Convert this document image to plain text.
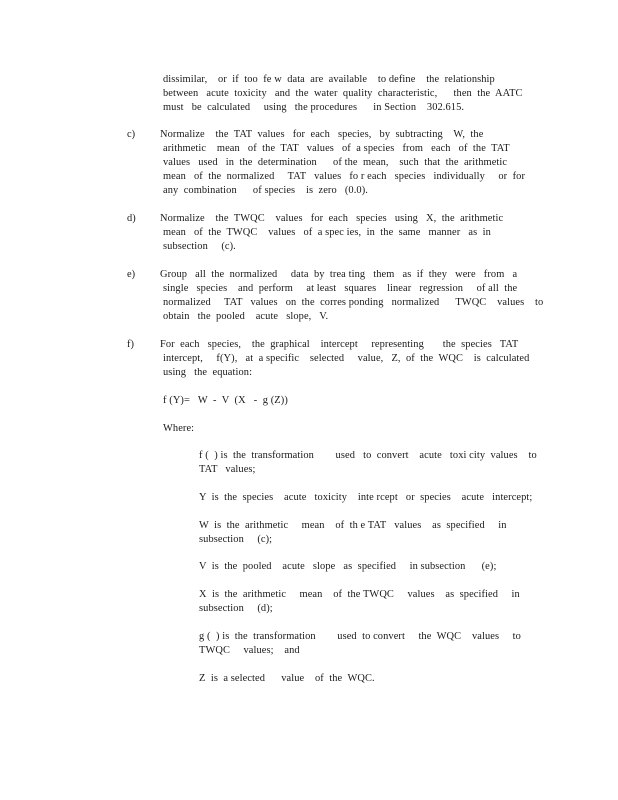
dissimilar,    or  if  too  fe w  data  are  available    to define    the  relationship
between   acute  toxicity   and  the  water  quality  characteristic,      then  the  AATC
must   be  calculated     using   the procedures      in Section    302.615.
c) Normalize    the  TAT  values   for  each   species,   by  subtracting    W,  the
arithmetic    mean   of  the  TAT   values   of  a species   from   each   of  the  TAT
values   used   in  the  determination      of the  mean,    such  that  the  arithmetic
mean   of  the  normalized     TAT   values   fo r each   species   individually     or  for
any  combination      of species    is  zero   (0.0).
d) Normalize    the  TWQC    values   for  each   species   using   X,  the  arithmetic
mean   of  the  TWQC    values   of  a spec ies,  in  the  same   manner   as  in
subsection     (c).
e) Group   all  the  normalized     data  by  trea ting   them   as  if  they   were   from   a
single   species    and  perform     at least   squares    linear   regression     of all  the
normalized     TAT   values   on  the  corres ponding   normalized      TWQC    values    to
obtain   the  pooled    acute   slope,   V.
f)	For  each   species,    the  graphical    intercept     representing       the  species   TAT
intercept,     f(Y),   at  a specific    selected     value,   Z,  of  the  WQC    is  calculated
using   the  equation:
f (Y)=   W  -  V  (X   -  g (Z))
Where:
f (  ) is  the  transformation        used   to  convert    acute   toxi city  values    to
TAT   values;
Y  is  the  species    acute   toxicity    inte rcept   or  species    acute   intercept;
W  is  the  arithmetic     mean    of  th e TAT   values    as  specified     in
subsection     (c);
V  is  the  pooled    acute   slope   as  specified     in subsection      (e);
X  is  the  arithmetic     mean    of  the TWQC     values    as  specified     in
subsection     (d);
g (  ) is  the  transformation        used  to convert     the  WQC    values     to
TWQC     values;    and
Z  is  a selected      value    of  the  WQC.
